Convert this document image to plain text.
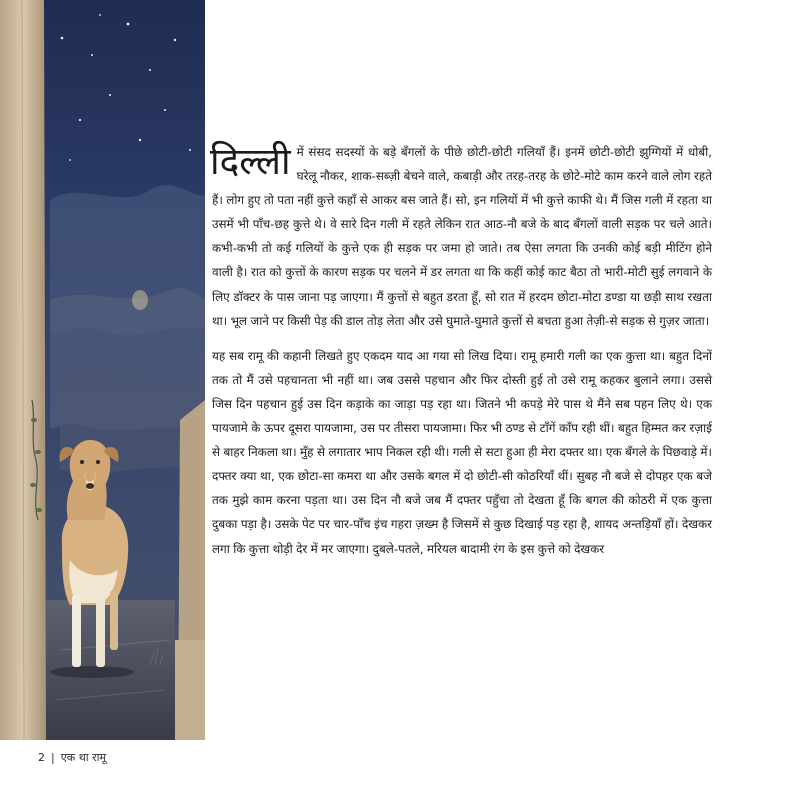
दिल्ली में संसद सदस्यों के बड़े बँगलों के पीछे छोटी-छोटी गलियाँ हैं। इनमें छोटी-छोटी झुग्गियों में धोबी, घरेलू नौकर, शाक-सब्ज़ी बेचने वाले, कबाड़ी और तरह-तरह के छोटे-मोटे काम करने वाले लोग रहते हैं। लोग हुए तो पता नहीं कुत्ते कहाँ से आकर बस जाते हैं। सो, इन गलियों में भी कुत्ते काफी थे। मैं जिस गली में रहता था उसमें भी पाँच-छह कुत्ते थे। वे सारे दिन गली में रहते लेकिन रात आठ-नौ बजे के बाद बँगलों वाली सड़क पर चले आते। कभी-कभी तो कई गलियों के कुत्ते एक ही सड़क पर जमा हो जाते। तब ऐसा लगता कि उनकी कोई बड़ी मीटिंग होने वाली है। रात को कुत्तों के कारण सड़क पर चलने में डर लगता था कि कहीं कोई काट बैठा तो भारी-मोटी सुई लगवाने के लिए डॉक्टर के पास जाना पड़ जाएगा। मैं कुत्तों से बहुत डरता हूँ, सो रात में हरदम छोटा-मोटा डण्डा या छड़ी साथ रखता था। भूल जाने पर किसी पेड़ की डाल तोड़ लेता और उसे घुमाते-घुमाते कुत्तों से बचता हुआ तेज़ी-से सड़क से गुज़र जाता।

यह सब रामू की कहानी लिखते हुए एकदम याद आ गया सो लिख दिया। रामू हमारी गली का एक कुत्ता था। बहुत दिनों तक तो मैं उसे पहचानता भी नहीं था। जब उससे पहचान और फिर दोस्ती हुई तो उसे रामू कहकर बुलाने लगा। उससे जिस दिन पहचान हुई उस दिन कड़ाके का जाड़ा पड़ रहा था। जितने भी कपड़े मेरे पास थे मैंने सब पहन लिए थे। एक पायजामे के ऊपर दूसरा पायजामा, उस पर तीसरा पायजामा। फिर भी ठण्ड से टाँगें काँप रही थीं। बहुत हिम्मत कर रज़ाई से बाहर निकला था। मुँह से लगातार भाप निकल रही थी। गली से सटा हुआ ही मेरा दफ्तर था। एक बँगले के पिछवाड़े में। दफ्तर क्या था, एक छोटा-सा कमरा था और उसके बगल में दो छोटी-सी कोठरियाँ थीं। सुबह नौ बजे से दोपहर एक बजे तक मुझे काम करना पड़ता था। उस दिन नौ बजे जब मैं दफ्तर पहुँचा तो देखता हूँ कि बगल की कोठरी में एक कुत्ता दुबका पड़ा है। उसके पेट पर चार-पाँच इंच गहरा ज़ख्म है जिसमें से कुछ दिखाई पड़ रहा है, शायद अन्तड़ियाँ हों। देखकर लगा कि कुत्ता थोड़ी देर में मर जाएगा। दुबले-पतले, मरियल बादामी रंग के इस कुत्ते को देखकर

2 | एक था रामू
